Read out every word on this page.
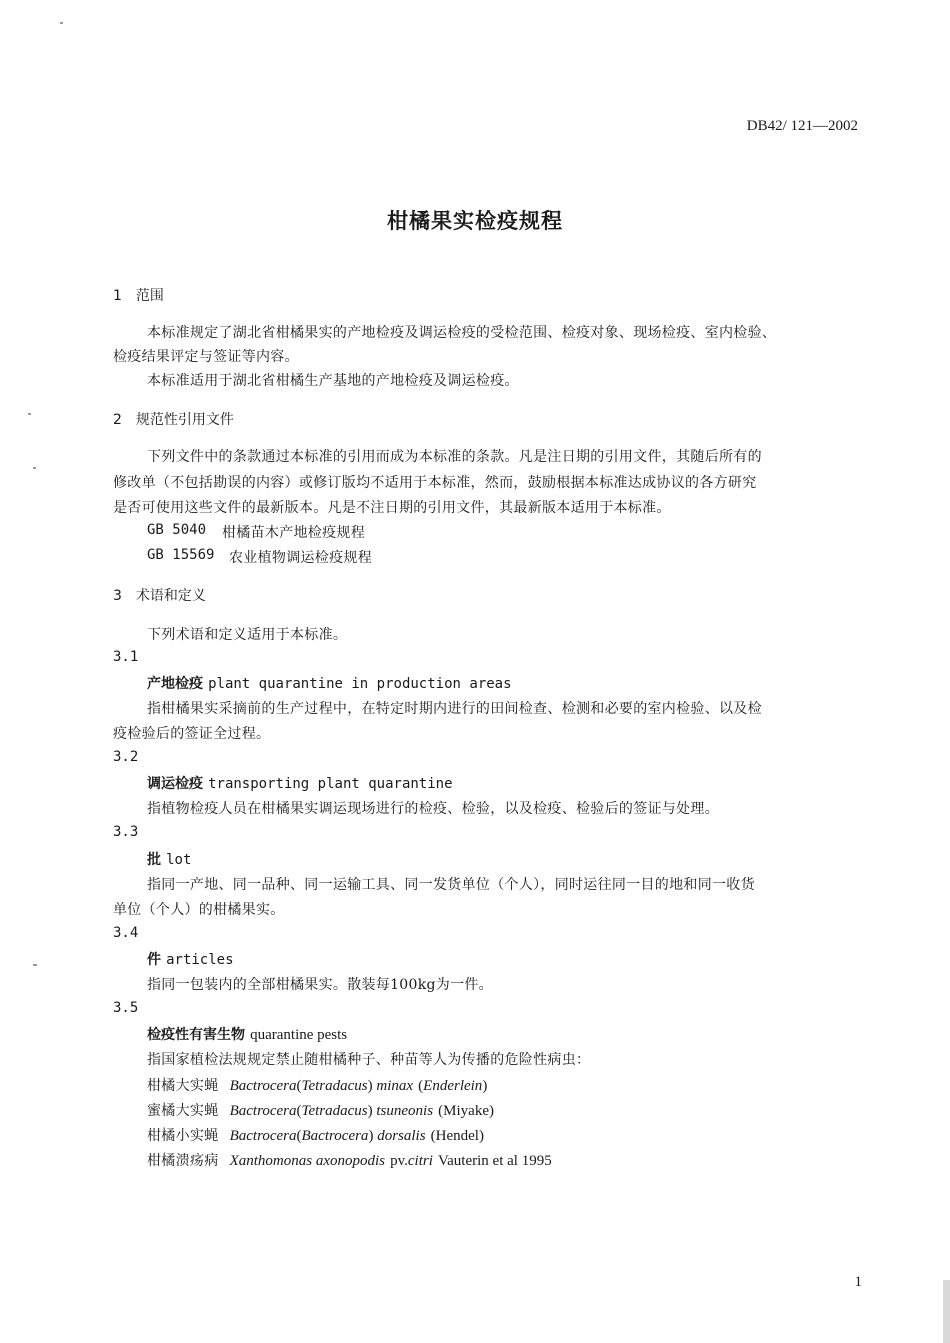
DB42/ 121—2002
柑橘果实检疫规程
1　范围
本标准规定了湖北省柑橘果实的产地检疫及调运检疫的受检范围、检疫对象、现场检疫、室内检验、
检疫结果评定与签证等内容。
本标准适用于湖北省柑橘生产基地的产地检疫及调运检疫。
2　规范性引用文件
下列文件中的条款通过本标准的引用而成为本标准的条款。凡是注日期的引用文件，其随后所有的
修改单（不包括勘误的内容）或修订版均不适用于本标准，然而，鼓励根据本标准达成协议的各方研究
是否可使用这些文件的最新版本。凡是不注日期的引用文件，其最新版本适用于本标准。
GB 5040 柑橘苗木产地检疫规程
GB 15569 农业植物调运检疫规程
3　术语和定义
下列术语和定义适用于本标准。
3.1
产地检疫 plant quarantine in production areas
指柑橘果实采摘前的生产过程中，在特定时期内进行的田间检查、检测和必要的室内检验、以及检
疫检验后的签证全过程。
3.2
调运检疫 transporting plant quarantine
指植物检疫人员在柑橘果实调运现场进行的检疫、检验，以及检疫、检验后的签证与处理。
3.3
批 lot
指同一产地、同一品种、同一运输工具、同一发货单位（个人），同时运往同一目的地和同一收货
单位（个人）的柑橘果实。
3.4
件 articles
指同一包装内的全部柑橘果实。散装每100kg为一件。
3.5
检疫性有害生物 quarantine pests
指国家植检法规规定禁止随柑橘种子、种苗等人为传播的危险性病虫：
柑橘大实蝇 Bactrocera(Tetradacus) minax (Enderlein)
蜜橘大实蝇 Bactrocera(Tetradacus) tsuneonis (Miyake)
柑橘小实蝇 Bactrocera(Bactrocera) dorsalis (Hendel)
柑橘溃疡病 Xanthomonas axonopodis pv.citri Vauterin et al 1995
1
